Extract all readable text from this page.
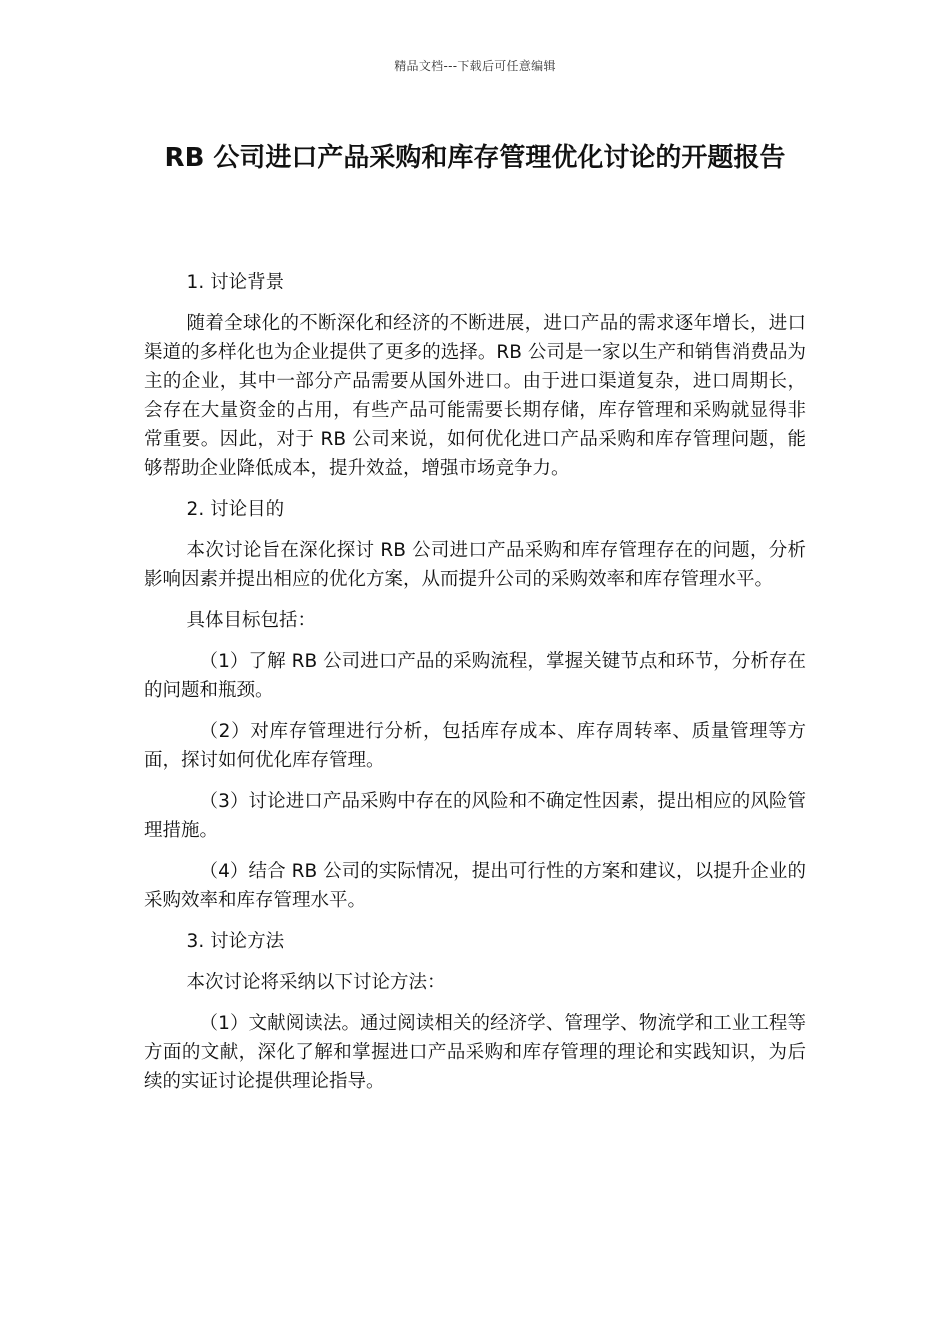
精品文档---下载后可任意编辑
RB 公司进口产品采购和库存管理优化讨论的开题报告

1. 讨论背景

随着全球化的不断深化和经济的不断进展，进口产品的需求逐年增长，进口渠道的多样化也为企业提供了更多的选择。RB 公司是一家以生产和销售消费品为主的企业，其中一部分产品需要从国外进口。由于进口渠道复杂，进口周期长，会存在大量资金的占用，有些产品可能需要长期存储，库存管理和采购就显得非常重要。因此，对于 RB 公司来说，如何优化进口产品采购和库存管理问题，能够帮助企业降低成本，提升效益，增强市场竞争力。

2. 讨论目的

本次讨论旨在深化探讨 RB 公司进口产品采购和库存管理存在的问题，分析影响因素并提出相应的优化方案，从而提升公司的采购效率和库存管理水平。

具体目标包括：

（1）了解 RB 公司进口产品的采购流程，掌握关键节点和环节，分析存在的问题和瓶颈。

（2）对库存管理进行分析，包括库存成本、库存周转率、质量管理等方面，探讨如何优化库存管理。

（3）讨论进口产品采购中存在的风险和不确定性因素，提出相应的风险管理措施。

（4）结合 RB 公司的实际情况，提出可行性的方案和建议，以提升企业的采购效率和库存管理水平。

3. 讨论方法

本次讨论将采纳以下讨论方法：

（1）文献阅读法。通过阅读相关的经济学、管理学、物流学和工业工程等方面的文献，深化了解和掌握进口产品采购和库存管理的理论和实践知识，为后续的实证讨论提供理论指导。
